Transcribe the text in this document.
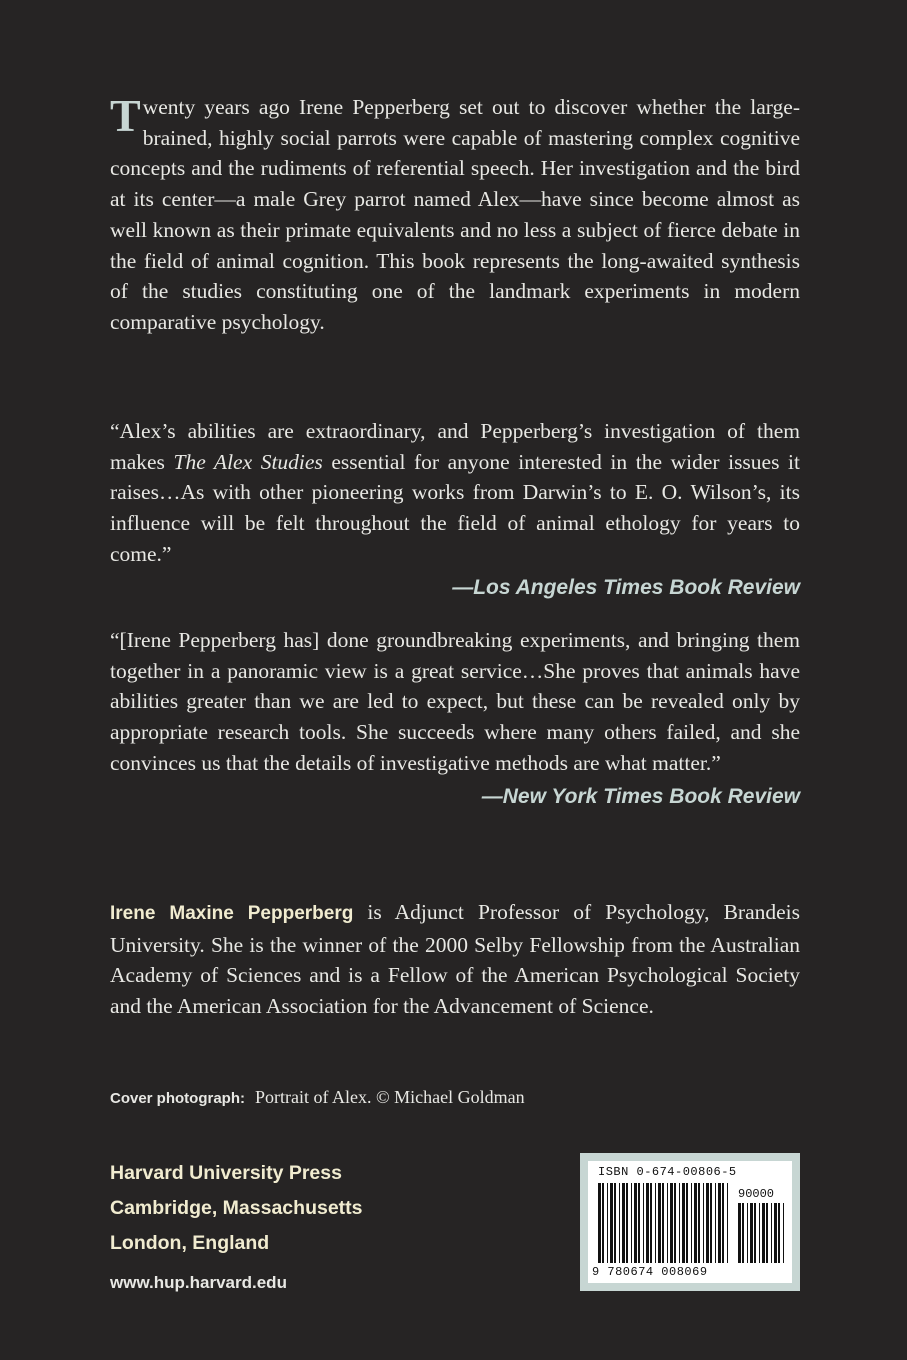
Twenty years ago Irene Pepperberg set out to discover whether the large-brained, highly social parrots were capable of mastering complex cognitive concepts and the rudiments of referential speech. Her investigation and the bird at its center—a male Grey parrot named Alex—have since become almost as well known as their primate equivalents and no less a subject of fierce debate in the field of animal cognition. This book represents the long-awaited synthesis of the studies constituting one of the landmark experiments in modern comparative psychology.

“Alex’s abilities are extraordinary, and Pepperberg’s investigation of them makes The Alex Studies essential for anyone interested in the wider issues it raises…As with other pioneering works from Darwin’s to E. O. Wilson’s, its influence will be felt throughout the field of animal ethology for years to come.”

—Los Angeles Times Book Review

“[Irene Pepperberg has] done groundbreaking experiments, and bringing them together in a panoramic view is a great service…She proves that animals have abilities greater than we are led to expect, but these can be revealed only by appropriate research tools. She succeeds where many others failed, and she convinces us that the details of investigative methods are what matter.”

—New York Times Book Review

Irene Maxine Pepperberg is Adjunct Professor of Psychology, Brandeis University. She is the winner of the 2000 Selby Fellowship from the Australian Academy of Sciences and is a Fellow of the American Psychological Society and the American Association for the Advancement of Science.

Cover photograph: Portrait of Alex. © Michael Goldman
Harvard University Press
Cambridge, Massachusetts
London, England
www.hup.harvard.edu
ISBN 0-674-00806-5
90000
9 780674 008069
